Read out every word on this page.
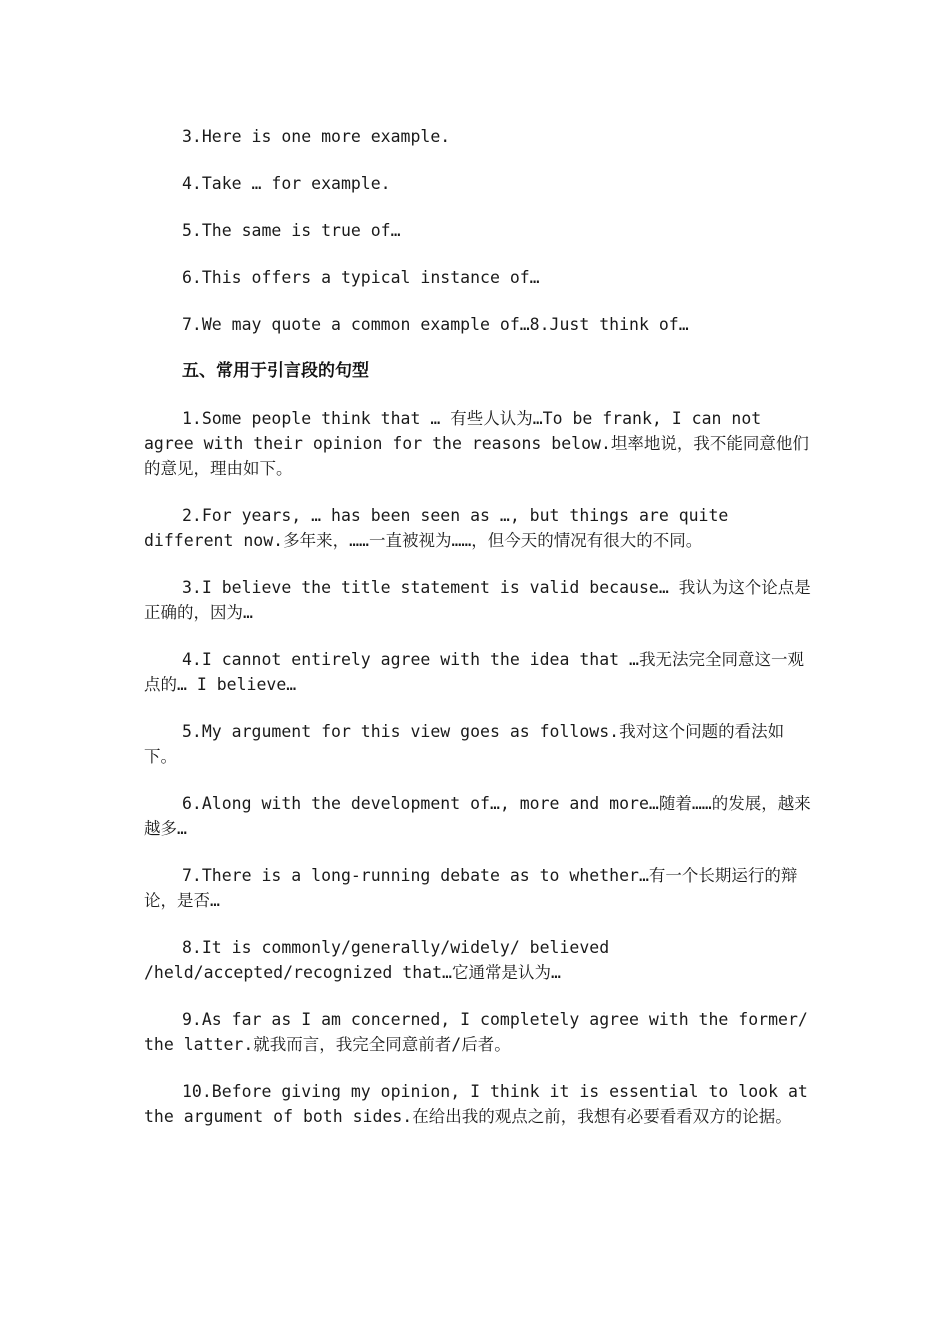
3.Here is one more example.

4.Take … for example.

5.The same is true of…

6.This offers a typical instance of…

7.We may quote a common example of…8.Just think of…

五、常用于引言段的句型

1.Some people think that … 有些人认为…To be frank, I can not agree with their opinion for the reasons below.坦率地说，我不能同意他们的意见，理由如下。

2.For years, … has been seen as …, but things are quite different now.多年来，……一直被视为……，但今天的情况有很大的不同。

3.I believe the title statement is valid because… 我认为这个论点是正确的，因为…

4.I cannot entirely agree with the idea that …我无法完全同意这一观点的… I believe…

5.My argument for this view goes as follows.我对这个问题的看法如下。

6.Along with the development of…, more and more…随着……的发展，越来越多…

7.There is a long-running debate as to whether…有一个长期运行的辩论，是否…

8.It is commonly/generally/widely/ believed /held/accepted/recognized that…它通常是认为…

9.As far as I am concerned, I completely agree with the former/ the latter.就我而言，我完全同意前者/后者。

10.Before giving my opinion, I think it is essential to look at the argument of both sides.在给出我的观点之前，我想有必要看看双方的论据。
